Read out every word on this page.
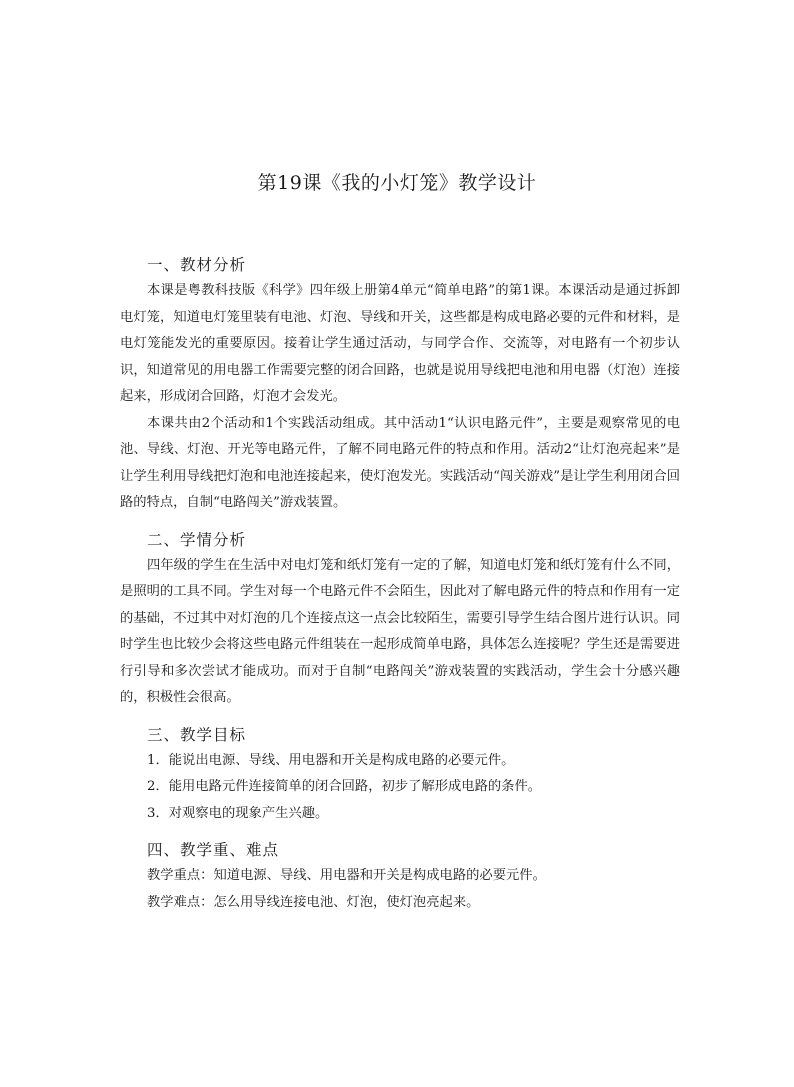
第19课《我的小灯笼》教学设计
一、教材分析

本课是粤教科技版《科学》四年级上册第4单元“简单电路”的第1课。本课活动是通过拆卸电灯笼，知道电灯笼里装有电池、灯泡、导线和开关，这些都是构成电路必要的元件和材料，是电灯笼能发光的重要原因。接着让学生通过活动，与同学合作、交流等，对电路有一个初步认识，知道常见的用电器工作需要完整的闭合回路，也就是说用导线把电池和用电器（灯泡）连接起来，形成闭合回路，灯泡才会发光。

本课共由2个活动和1个实践活动组成。其中活动1“认识电路元件”，主要是观察常见的电池、导线、灯泡、开光等电路元件，了解不同电路元件的特点和作用。活动2“让灯泡亮起来”是让学生利用导线把灯泡和电池连接起来，使灯泡发光。实践活动“闯关游戏”是让学生利用闭合回路的特点，自制“电路闯关”游戏装置。

二、学情分析

四年级的学生在生活中对电灯笼和纸灯笼有一定的了解，知道电灯笼和纸灯笼有什么不同，是照明的工具不同。学生对每一个电路元件不会陌生，因此对了解电路元件的特点和作用有一定的基础，不过其中对灯泡的几个连接点这一点会比较陌生，需要引导学生结合图片进行认识。同时学生也比较少会将这些电路元件组装在一起形成简单电路，具体怎么连接呢？学生还是需要进行引导和多次尝试才能成功。而对于自制“电路闯关”游戏装置的实践活动，学生会十分感兴趣的，积极性会很高。

三、教学目标

1．能说出电源、导线、用电器和开关是构成电路的必要元件。

2．能用电路元件连接简单的闭合回路，初步了解形成电路的条件。

3．对观察电的现象产生兴趣。

四、教学重、难点

教学重点：知道电源、导线、用电器和开关是构成电路的必要元件。

教学难点：怎么用导线连接电池、灯泡，使灯泡亮起来。
